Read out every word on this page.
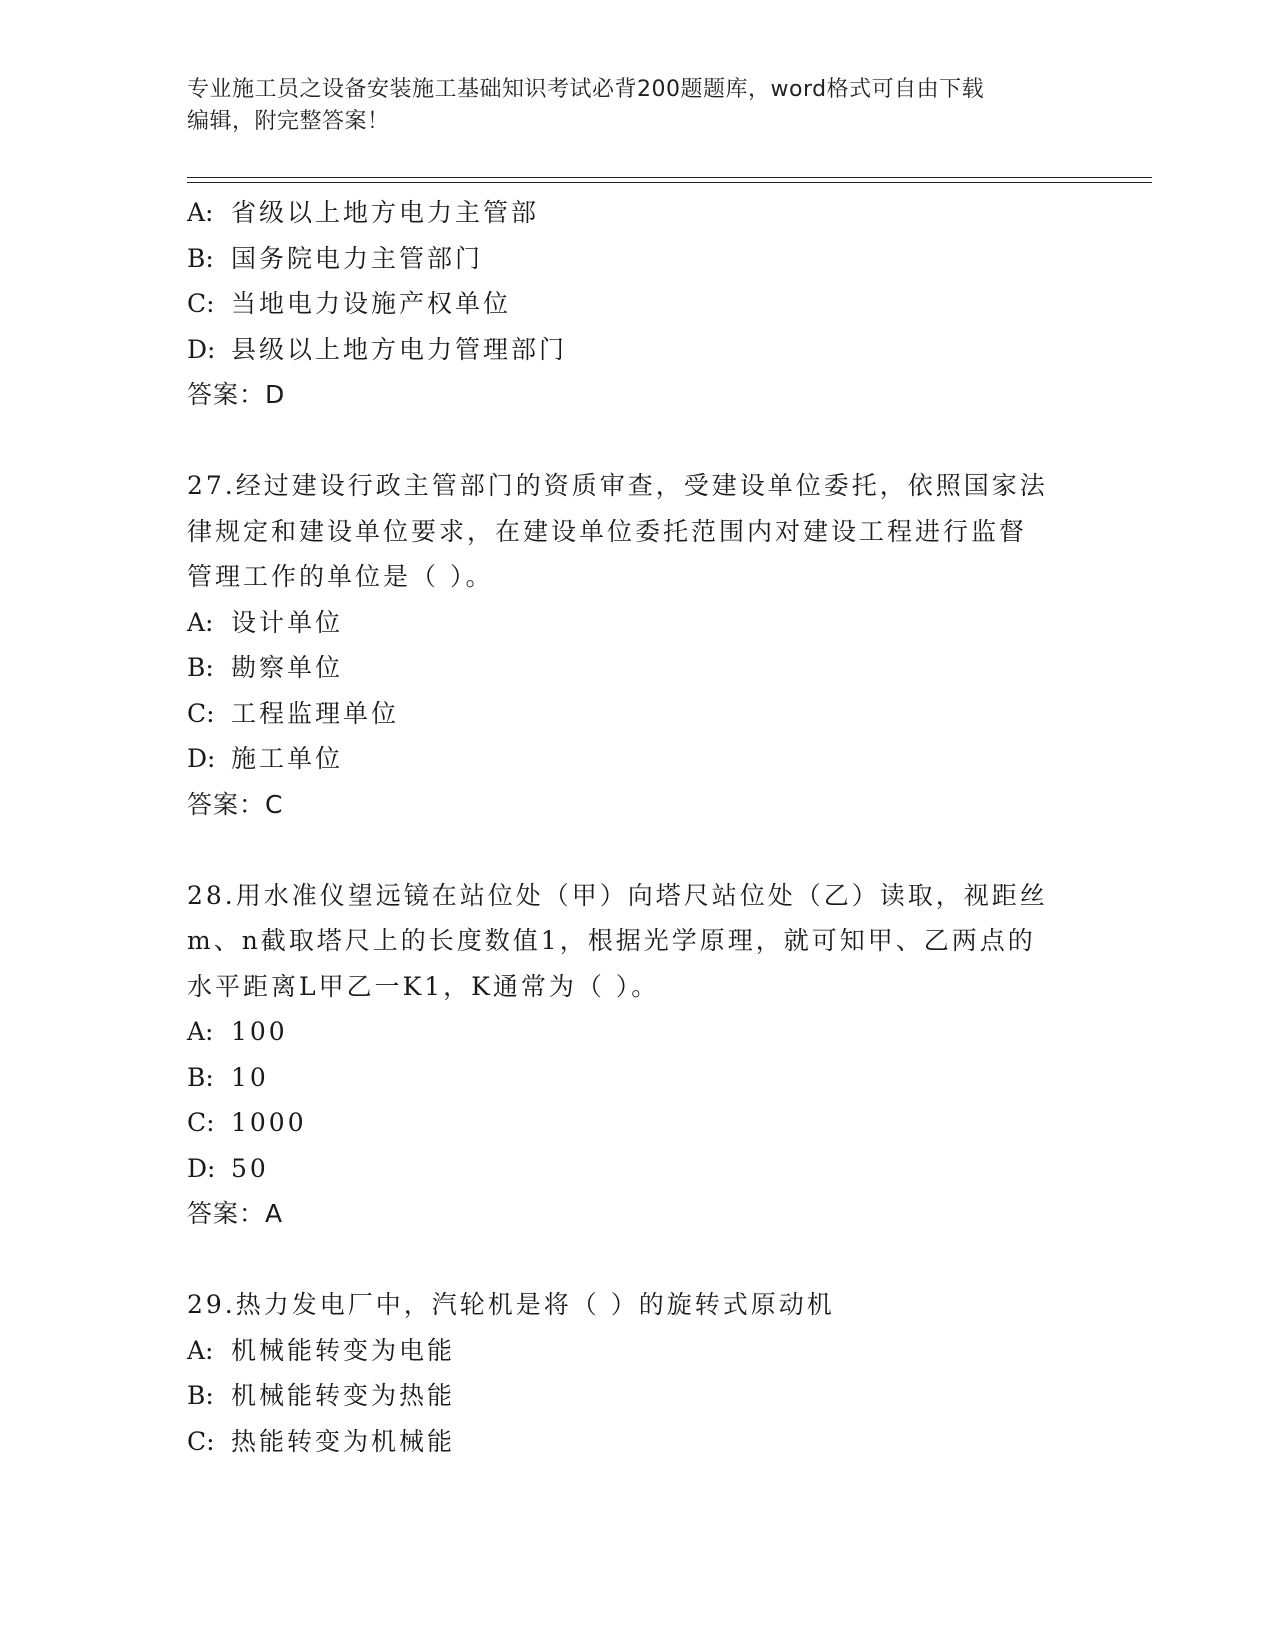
专业施工员之设备安装施工基础知识考试必背200题题库，word格式可自由下载
编辑，附完整答案！
A: 省级以上地方电力主管部
B: 国务院电力主管部门
C: 当地电力设施产权单位
D: 县级以上地方电力管理部门
答案：D
27.经过建设行政主管部门的资质审查，受建设单位委托，依照国家法
律规定和建设单位要求，在建设单位委托范围内对建设工程进行监督
管理工作的单位是（ ）。
A: 设计单位
B: 勘察单位
C: 工程监理单位
D: 施工单位
答案：C
28.用水准仪望远镜在站位处（甲）向塔尺站位处（乙）读取，视距丝
m、n截取塔尺上的长度数值1，根据光学原理，就可知甲、乙两点的
水平距离L甲乙一K1，K通常为（ ）。
A: 100
B: 10
C: 1000
D: 50
答案：A
29.热力发电厂中，汽轮机是将（ ）的旋转式原动机
A: 机械能转变为电能
B: 机械能转变为热能
C: 热能转变为机械能
